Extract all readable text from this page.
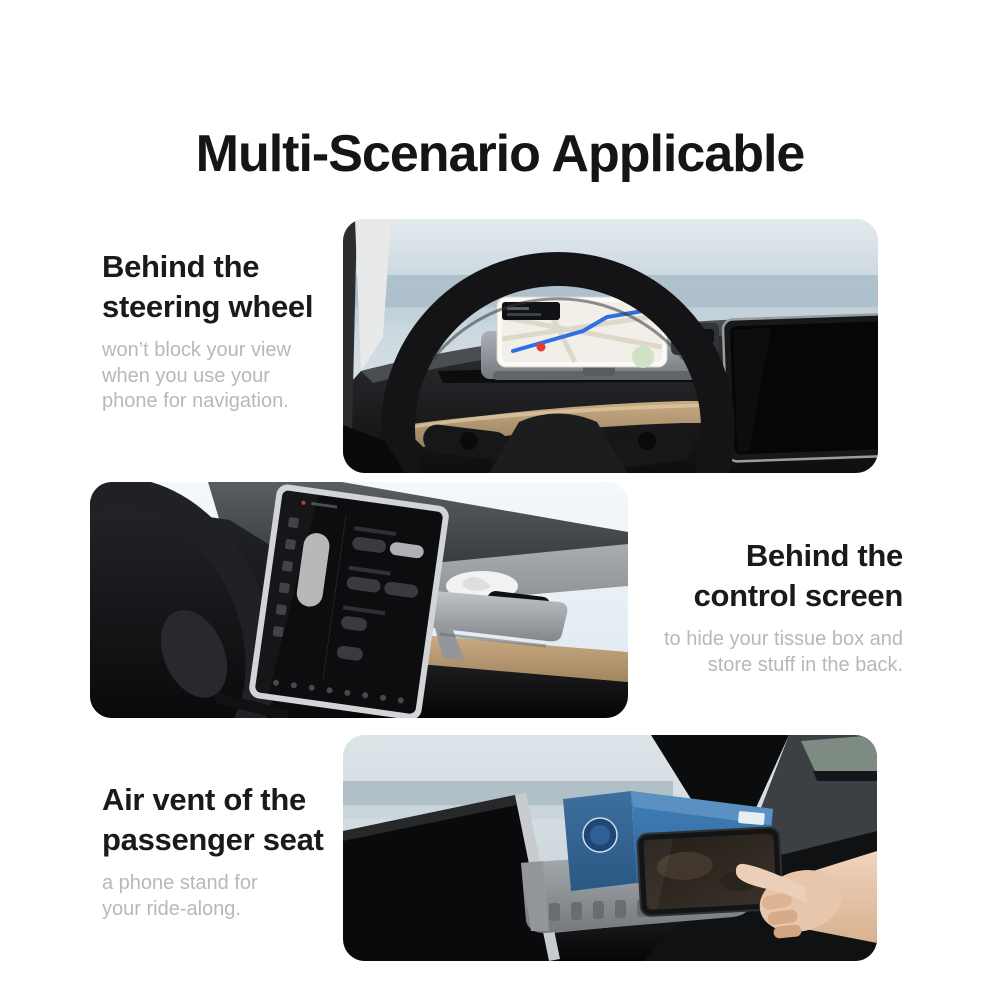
Multi-Scenario Applicable
Behind the
steering wheel

won’t block your view
when you use your
phone for navigation.

Behind the
control screen

to hide your tissue box and
store stuff in the back.

Air vent of the
passenger seat

a phone stand for
your ride-along.
